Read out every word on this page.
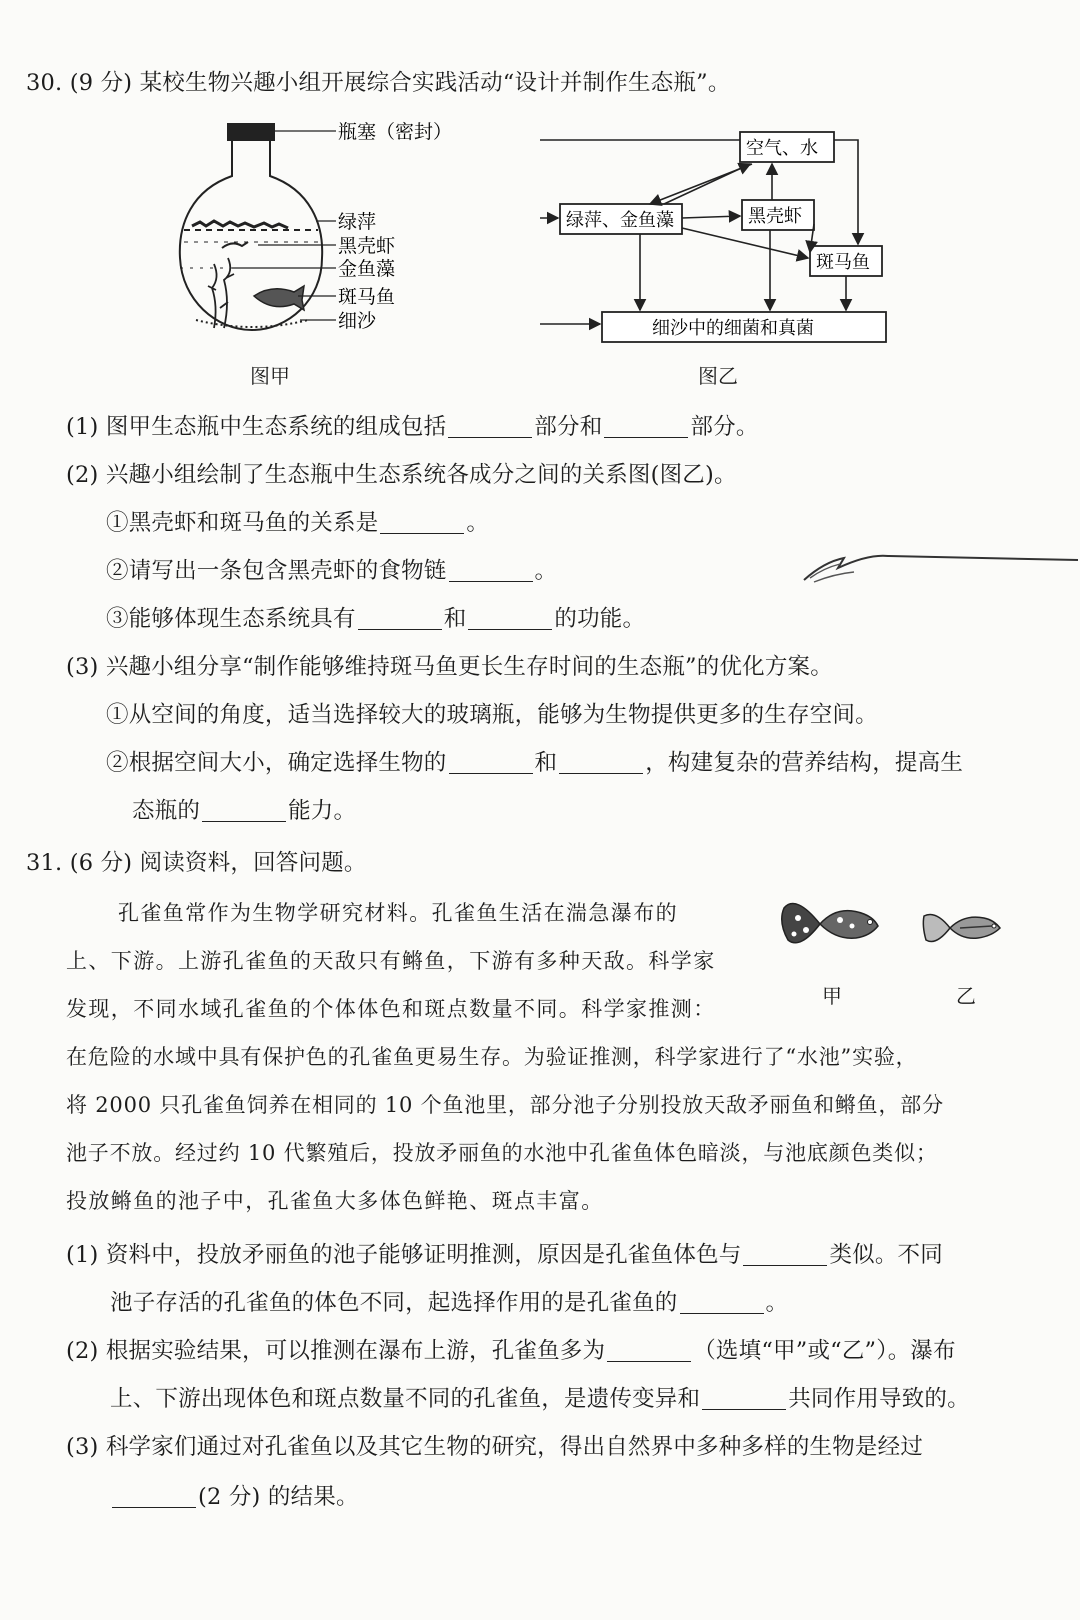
30. (9 分) 某校生物兴趣小组开展综合实践活动“设计并制作生态瓶”。
瓶塞（密封）
绿萍
黑壳虾
金鱼藻
斑马鱼
细沙
图甲
空气、水
绿萍、金鱼藻	黑壳虾
斑马鱼
细沙中的细菌和真菌
图乙
(1) 图甲生态瓶中生态系统的组成包括	部分和	部分。
(2) 兴趣小组绘制了生态瓶中生态系统各成分之间的关系图(图乙)。
①黑壳虾和斑马鱼的关系是	。
②请写出一条包含黑壳虾的食物链	。
③能够体现生态系统具有	和	的功能。
(3) 兴趣小组分享“制作能够维持斑马鱼更长生存时间的生态瓶”的优化方案。
①从空间的角度，适当选择较大的玻璃瓶，能够为生物提供更多的生存空间。
②根据空间大小，确定选择生物的	和	，构建复杂的营养结构，提高生
态瓶的	能力。
31. (6 分) 阅读资料，回答问题。
孔雀鱼常作为生物学研究材料。孔雀鱼生活在湍急瀑布的
上、下游。上游孔雀鱼的天敌只有鳉鱼，下游有多种天敌。科学家
发现，不同水域孔雀鱼的个体体色和斑点数量不同。科学家推测：
在危险的水域中具有保护色的孔雀鱼更易生存。为验证推测，科学家进行了“水池”实验，
将 2000 只孔雀鱼饲养在相同的 10 个鱼池里，部分池子分别投放天敌矛丽鱼和鳉鱼，部分
池子不放。经过约 10 代繁殖后，投放矛丽鱼的水池中孔雀鱼体色暗淡，与池底颜色类似；
投放鳉鱼的池子中，孔雀鱼大多体色鲜艳、斑点丰富。
甲	乙
(1) 资料中，投放矛丽鱼的池子能够证明推测，原因是孔雀鱼体色与	类似。不同
池子存活的孔雀鱼的体色不同，起选择作用的是孔雀鱼的	。
(2) 根据实验结果，可以推测在瀑布上游，孔雀鱼多为	（选填“甲”或“乙”）。瀑布
上、下游出现体色和斑点数量不同的孔雀鱼，是遗传变异和	共同作用导致的。
(3) 科学家们通过对孔雀鱼以及其它生物的研究，得出自然界中多种多样的生物是经过
(2 分) 的结果。
